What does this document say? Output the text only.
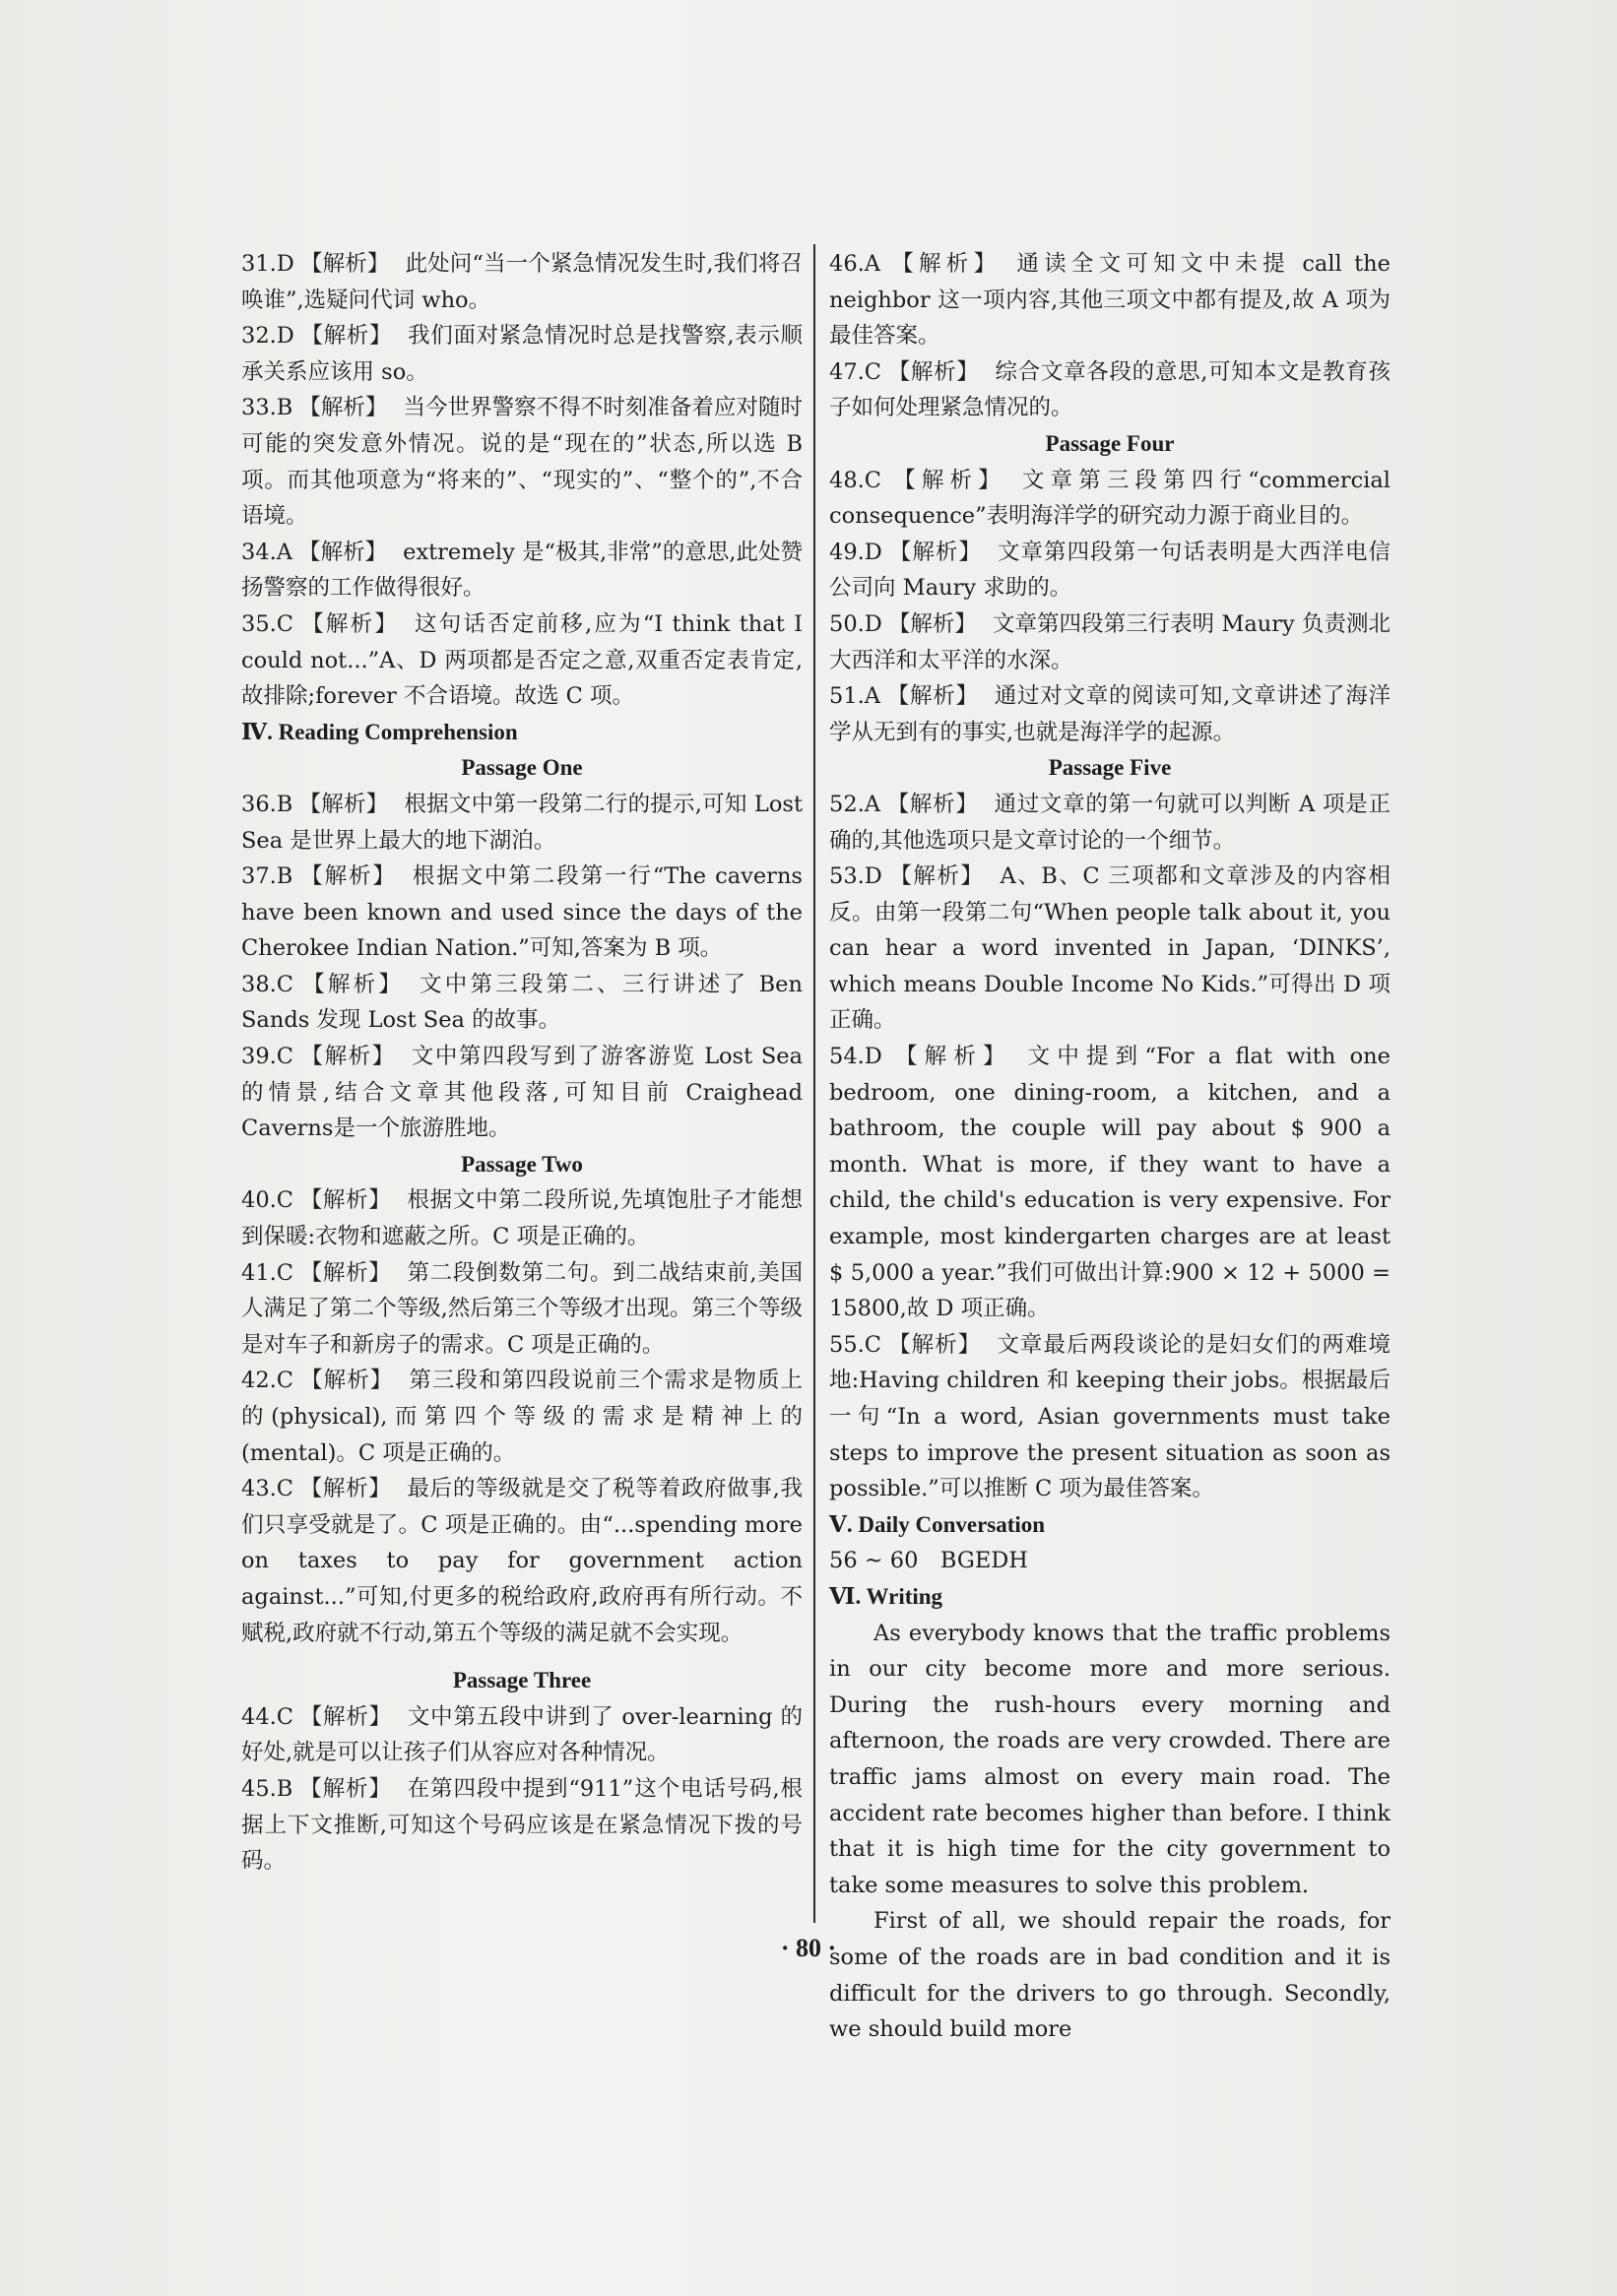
31.D 【解析】 此处问“当一个紧急情况发生时,我们将召唤谁”,选疑问代词 who。
32.D 【解析】 我们面对紧急情况时总是找警察,表示顺承关系应该用 so。
33.B 【解析】 当今世界警察不得不时刻准备着应对随时可能的突发意外情况。说的是“现在的”状态,所以选 B 项。而其他项意为“将来的”、“现实的”、“整个的”,不合语境。
34.A 【解析】 extremely 是“极其,非常”的意思,此处赞扬警察的工作做得很好。
35.C 【解析】 这句话否定前移,应为“I think that I could not...”A、D 两项都是否定之意,双重否定表肯定,故排除;forever 不合语境。故选 C 项。
Ⅳ. Reading Comprehension
Passage One
36.B 【解析】 根据文中第一段第二行的提示,可知 Lost Sea 是世界上最大的地下湖泊。
37.B 【解析】 根据文中第二段第一行“The caverns have been known and used since the days of the Cherokee Indian Nation.”可知,答案为 B 项。
38.C 【解析】 文中第三段第二、三行讲述了 Ben Sands 发现 Lost Sea 的故事。
39.C 【解析】 文中第四段写到了游客游览 Lost Sea 的情景,结合文章其他段落,可知目前 Craighead Caverns是一个旅游胜地。
Passage Two
40.C 【解析】 根据文中第二段所说,先填饱肚子才能想到保暖:衣物和遮蔽之所。C 项是正确的。
41.C 【解析】 第二段倒数第二句。到二战结束前,美国人满足了第二个等级,然后第三个等级才出现。第三个等级是对车子和新房子的需求。C 项是正确的。
42.C 【解析】 第三段和第四段说前三个需求是物质上的(physical),而第四个等级的需求是精神上的(mental)。C 项是正确的。
43.C 【解析】 最后的等级就是交了税等着政府做事,我们只享受就是了。C 项是正确的。由“...spending more on taxes to pay for government action against...”可知,付更多的税给政府,政府再有所行动。不赋税,政府就不行动,第五个等级的满足就不会实现。
Passage Three
44.C 【解析】 文中第五段中讲到了 over-learning 的好处,就是可以让孩子们从容应对各种情况。
45.B 【解析】 在第四段中提到“911”这个电话号码,根据上下文推断,可知这个号码应该是在紧急情况下拨的号码。
46.A 【解析】 通读全文可知文中未提 call the neighbor 这一项内容,其他三项文中都有提及,故 A 项为最佳答案。
47.C 【解析】 综合文章各段的意思,可知本文是教育孩子如何处理紧急情况的。
Passage Four
48.C 【解析】 文章第三段第四行“commercial consequence”表明海洋学的研究动力源于商业目的。
49.D 【解析】 文章第四段第一句话表明是大西洋电信公司向 Maury 求助的。
50.D 【解析】 文章第四段第三行表明 Maury 负责测北大西洋和太平洋的水深。
51.A 【解析】 通过对文章的阅读可知,文章讲述了海洋学从无到有的事实,也就是海洋学的起源。
Passage Five
52.A 【解析】 通过文章的第一句就可以判断 A 项是正确的,其他选项只是文章讨论的一个细节。
53.D 【解析】 A、B、C 三项都和文章涉及的内容相反。由第一段第二句“When people talk about it, you can hear a word invented in Japan, ‘DINKS’, which means Double Income No Kids.”可得出 D 项正确。
54.D 【解析】 文中提到“For a flat with one bedroom, one dining-room, a kitchen, and a bathroom, the couple will pay about $ 900 a month. What is more, if they want to have a child, the child's education is very expensive. For example, most kindergarten charges are at least $ 5,000 a year.”我们可做出计算:900 × 12 + 5000 = 15800,故 D 项正确。
55.C 【解析】 文章最后两段谈论的是妇女们的两难境地:Having children 和 keeping their jobs。根据最后一句“In a word, Asian governments must take steps to improve the present situation as soon as possible.”可以推断 C 项为最佳答案。
Ⅴ. Daily Conversation
56 ~ 60　BGEDH
Ⅵ. Writing
As everybody knows that the traffic problems in our city become more and more serious. During the rush-hours every morning and afternoon, the roads are very crowded. There are traffic jams almost on every main road. The accident rate becomes higher than before. I think that it is high time for the city government to take some measures to solve this problem.
First of all, we should repair the roads, for some of the roads are in bad condition and it is difficult for the drivers to go through. Secondly, we should build more
· 80 ·
